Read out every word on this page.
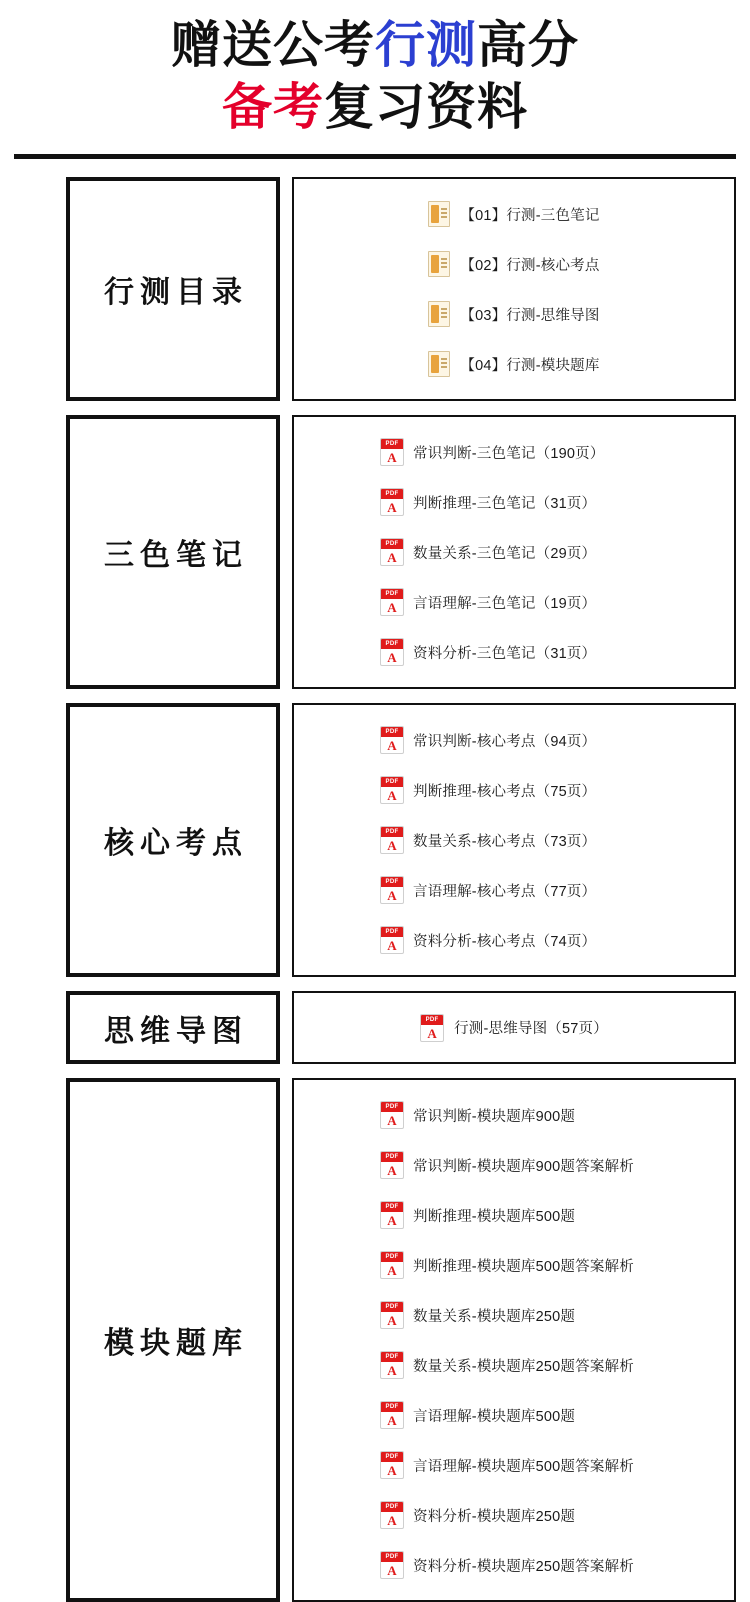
赠送公考行测高分
备考复习资料
行测目录
【01】行测-三色笔记
【02】行测-核心考点
【03】行测-思维导图
【04】行测-模块题库
三色笔记
PDF
A	常识判断-三色笔记（190页）
PDF
A	判断推理-三色笔记（31页）
PDF
A	数量关系-三色笔记（29页）
PDF
A	言语理解-三色笔记（19页）
PDF
A	资料分析-三色笔记（31页）
核心考点
PDF
A	常识判断-核心考点（94页）
PDF
A	判断推理-核心考点（75页）
PDF
A	数量关系-核心考点（73页）
PDF
A	言语理解-核心考点（77页）
PDF
A	资料分析-核心考点（74页）
思维导图	PDF
A	行测-思维导图（57页）
模块题库
PDF
A	常识判断-模块题库900题
PDF
A	常识判断-模块题库900题答案解析
PDF
A	判断推理-模块题库500题
PDF
A	判断推理-模块题库500题答案解析
PDF
A	数量关系-模块题库250题
PDF
A	数量关系-模块题库250题答案解析
PDF
A	言语理解-模块题库500题
PDF
A	言语理解-模块题库500题答案解析
PDF
A	资料分析-模块题库250题
PDF
A	资料分析-模块题库250题答案解析
